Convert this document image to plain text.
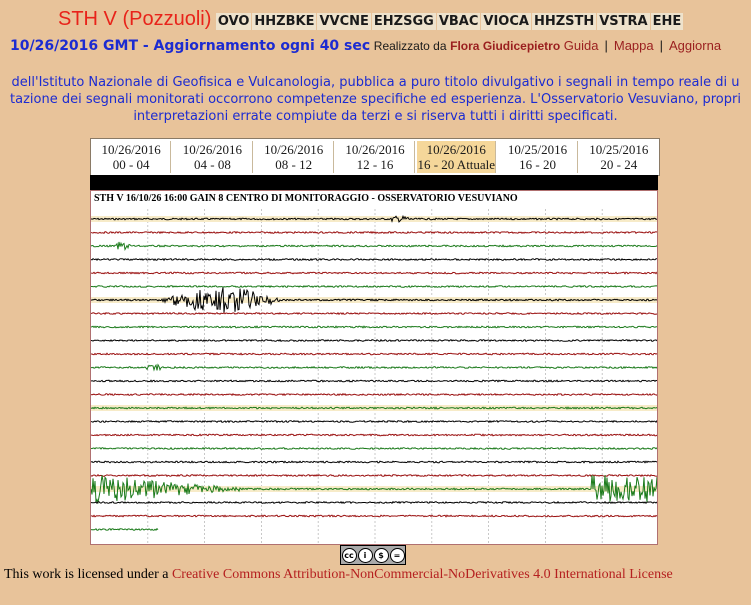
STH V (Pozzuoli) OVO HHZBKE VVCNE EHZSGG VBAC VIOCA HHZSTH VSTRA EHE
10/26/2016 GMT - Aggiornamento ogni 40 sec Realizzato da Flora Giudicepietro Guida | Mappa | Aggiorna
dell'Istituto Nazionale di Geofisica e Vulcanologia, pubblica a puro titolo divulgativo i segnali in tempo reale di u
tazione dei segnali monitorati occorrono competenze specifiche ed esperienza. L'Osservatorio Vesuviano, propri
interpretazioni errate compiute da terzi e si riserva tutti i diritti specificati.
10/26/2016
00 - 04
10/26/2016
04 - 08
10/26/2016
08 - 12
10/26/2016
12 - 16
10/26/2016
16 - 20 Attuale
10/25/2016
16 - 20
10/25/2016
20 - 24
STH V 16/10/26 16:00 GAIN 8 CENTRO DI MONITORAGGIO - OSSERVATORIO VESUVIANO
cc	i	$	=
This work is licensed under a Creative Commons Attribution-NonCommercial-NoDerivatives 4.0 International License
